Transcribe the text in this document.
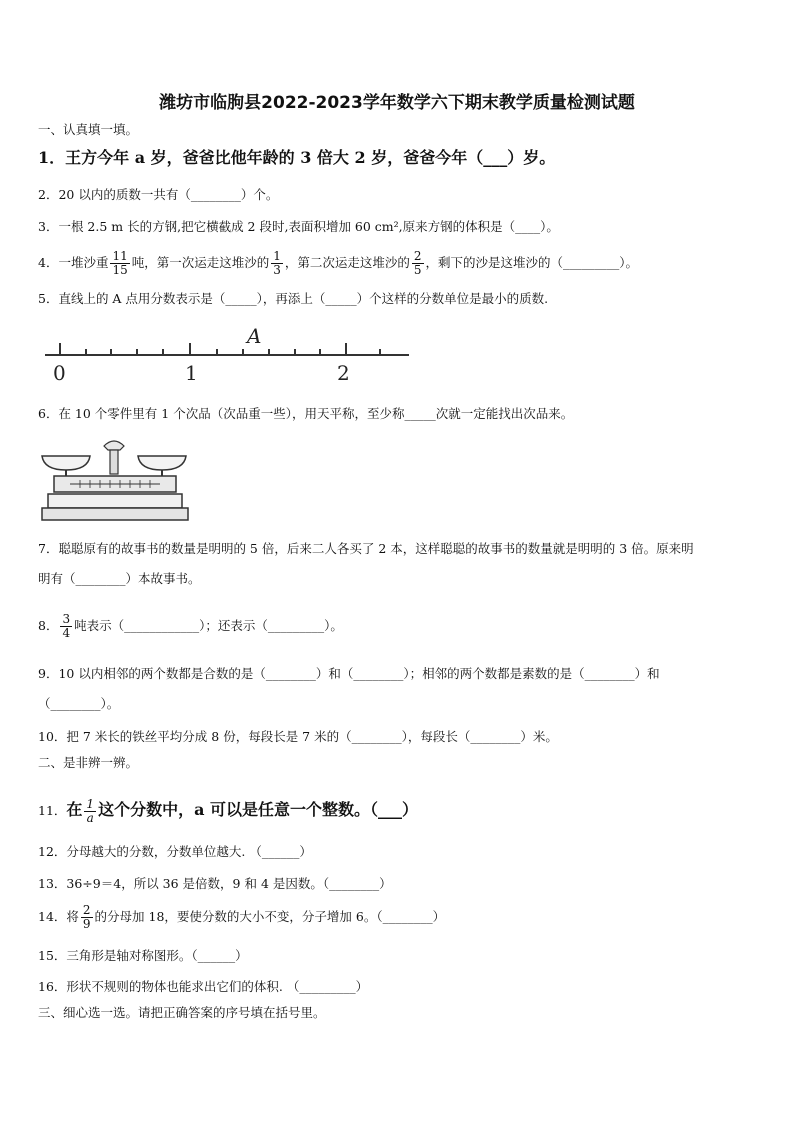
潍坊市临朐县2022-2023学年数学六下期末教学质量检测试题
一、认真填一填。
1．王方今年 a 岁，爸爸比他年龄的 3 倍大 2 岁，爸爸今年（___）岁。
2．20 以内的质数一共有（________）个。
3．一根 2.5 m 长的方钢,把它横截成 2 段时,表面积增加 60 cm²,原来方钢的体积是（____）。
4．一堆沙重 $\frac{11}{15}$ 吨，第一次运走这堆沙的 $\frac{1}{3}$ ，第二次运走这堆沙的 $\frac{2}{5}$ ，剩下的沙是这堆沙的（_________）。
5．直线上的 A 点用分数表示是（_____），再添上（_____）个这样的分数单位是最小的质数.
A
0	1	2
6．在 10 个零件里有 1 个次品（次品重一些），用天平称，至少称_____次就一定能找出次品来。
7．聪聪原有的故事书的数量是明明的 5 倍，后来二人各买了 2 本，这样聪聪的故事书的数量就是明明的 3 倍。原来明
明有（________）本故事书。
8． $\frac{3}{4}$ 吨表示（____________）；还表示（_________）。
9．10 以内相邻的两个数都是合数的是（________）和（________）；相邻的两个数都是素数的是（________）和
（________）。
10．把 7 米长的铁丝平均分成 8 份，每段长是 7 米的（________），每段长（________）米。
二、是非辨一辨。
11．在 $\frac{1}{a}$ 这个分数中，a 可以是任意一个整数。（___）
12．分母越大的分数，分数单位越大. （______）
13．36÷9＝4，所以 36 是倍数，9 和 4 是因数。（________）
14．将 $\frac{2}{9}$ 的分母加 18，要使分数的大小不变，分子增加 6。（________）
15．三角形是轴对称图形。（______）
16．形状不规则的物体也能求出它们的体积. （_________）
三、细心选一选。请把正确答案的序号填在括号里。
